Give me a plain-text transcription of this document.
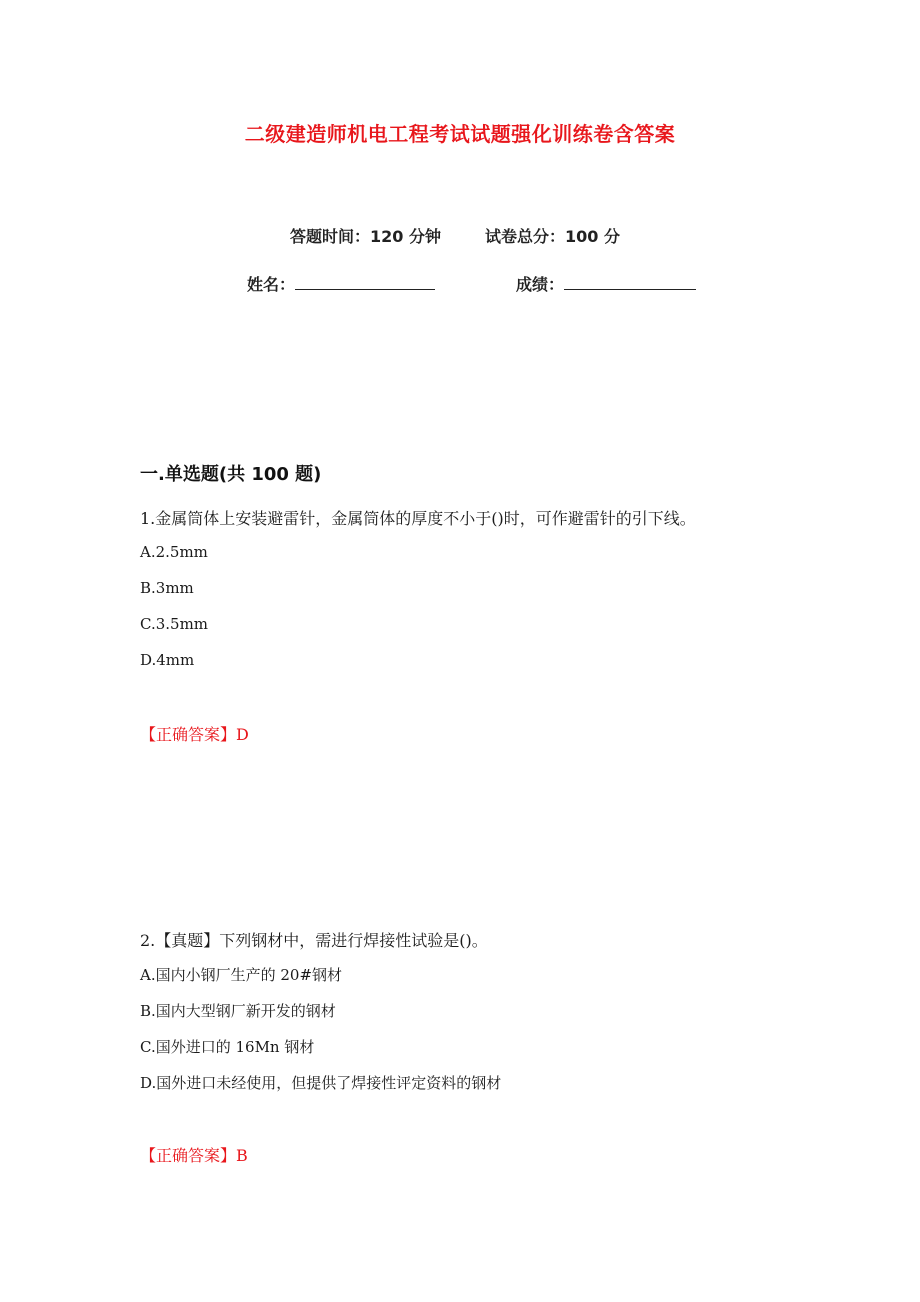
二级建造师机电工程考试试题强化训练卷含答案
答题时间：120 分钟	试卷总分：100 分
姓名：	成绩：
一.单选题(共 100 题)
1.金属筒体上安装避雷针，金属筒体的厚度不小于()时，可作避雷针的引下线。
A.2.5mm
B.3mm
C.3.5mm
D.4mm
【正确答案】D
2.【真题】下列钢材中，需进行焊接性试验是()。
A.国内小钢厂生产的 20#钢材
B.国内大型钢厂新开发的钢材
C.国外进口的 16Mn 钢材
D.国外进口未经使用，但提供了焊接性评定资料的钢材
【正确答案】B
